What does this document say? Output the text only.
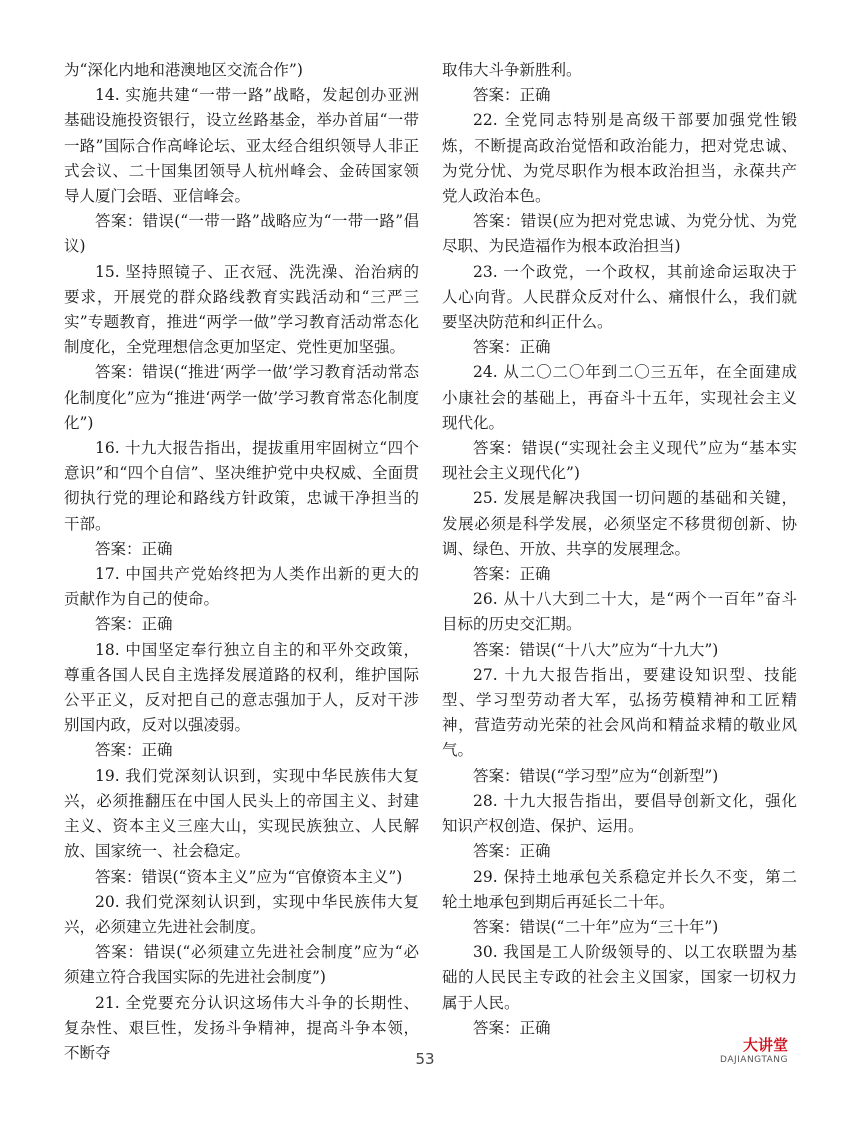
为“深化内地和港澳地区交流合作”)

14. 实施共建“一带一路”战略，发起创办亚洲基础设施投资银行，设立丝路基金，举办首届“一带一路”国际合作高峰论坛、亚太经合组织领导人非正式会议、二十国集团领导人杭州峰会、金砖国家领导人厦门会晤、亚信峰会。

答案：错误(“一带一路”战略应为“一带一路”倡议)

15. 坚持照镜子、正衣冠、洗洗澡、治治病的要求，开展党的群众路线教育实践活动和“三严三实”专题教育，推进“两学一做”学习教育活动常态化制度化，全党理想信念更加坚定、党性更加坚强。

答案：错误(“推进‘两学一做’学习教育活动常态化制度化”应为“推进‘两学一做’学习教育常态化制度化”)

16. 十九大报告指出，提拔重用牢固树立“四个意识”和“四个自信”、坚决维护党中央权威、全面贯彻执行党的理论和路线方针政策，忠诚干净担当的干部。

答案：正确

17. 中国共产党始终把为人类作出新的更大的贡献作为自己的使命。

答案：正确

18. 中国坚定奉行独立自主的和平外交政策，尊重各国人民自主选择发展道路的权利，维护国际公平正义，反对把自己的意志强加于人，反对干涉别国内政，反对以强凌弱。

答案：正确

19. 我们党深刻认识到，实现中华民族伟大复兴，必须推翻压在中国人民头上的帝国主义、封建主义、资本主义三座大山，实现民族独立、人民解放、国家统一、社会稳定。

答案：错误(“资本主义”应为“官僚资本主义”)

20. 我们党深刻认识到，实现中华民族伟大复兴，必须建立先进社会制度。

答案：错误(“必须建立先进社会制度”应为“必须建立符合我国实际的先进社会制度”)

21. 全党要充分认识这场伟大斗争的长期性、复杂性、艰巨性，发扬斗争精神，提高斗争本领，不断夺

取伟大斗争新胜利。

答案：正确

22. 全党同志特别是高级干部要加强党性锻炼，不断提高政治觉悟和政治能力，把对党忠诚、为党分忧、为党尽职作为根本政治担当，永葆共产党人政治本色。

答案：错误(应为把对党忠诚、为党分忧、为党尽职、为民造福作为根本政治担当)

23. 一个政党，一个政权，其前途命运取决于人心向背。人民群众反对什么、痛恨什么，我们就要坚决防范和纠正什么。

答案：正确

24. 从二〇二〇年到二〇三五年，在全面建成小康社会的基础上，再奋斗十五年，实现社会主义现代化。

答案：错误(“实现社会主义现代”应为“基本实现社会主义现代化”)

25. 发展是解决我国一切问题的基础和关键，发展必须是科学发展，必须坚定不移贯彻创新、协调、绿色、开放、共享的发展理念。

答案：正确

26. 从十八大到二十大，是“两个一百年”奋斗目标的历史交汇期。

答案：错误(“十八大”应为“十九大”)

27. 十九大报告指出，要建设知识型、技能型、学习型劳动者大军，弘扬劳模精神和工匠精神，营造劳动光荣的社会风尚和精益求精的敬业风气。

答案：错误(“学习型”应为“创新型”)

28. 十九大报告指出，要倡导创新文化，强化知识产权创造、保护、运用。

答案：正确

29. 保持土地承包关系稳定并长久不变，第二轮土地承包到期后再延长二十年。

答案：错误(“二十年”应为“三十年”)

30. 我国是工人阶级领导的、以工农联盟为基础的人民民主专政的社会主义国家，国家一切权力属于人民。

答案：正确

53
大讲堂
DAJIANGTANG
